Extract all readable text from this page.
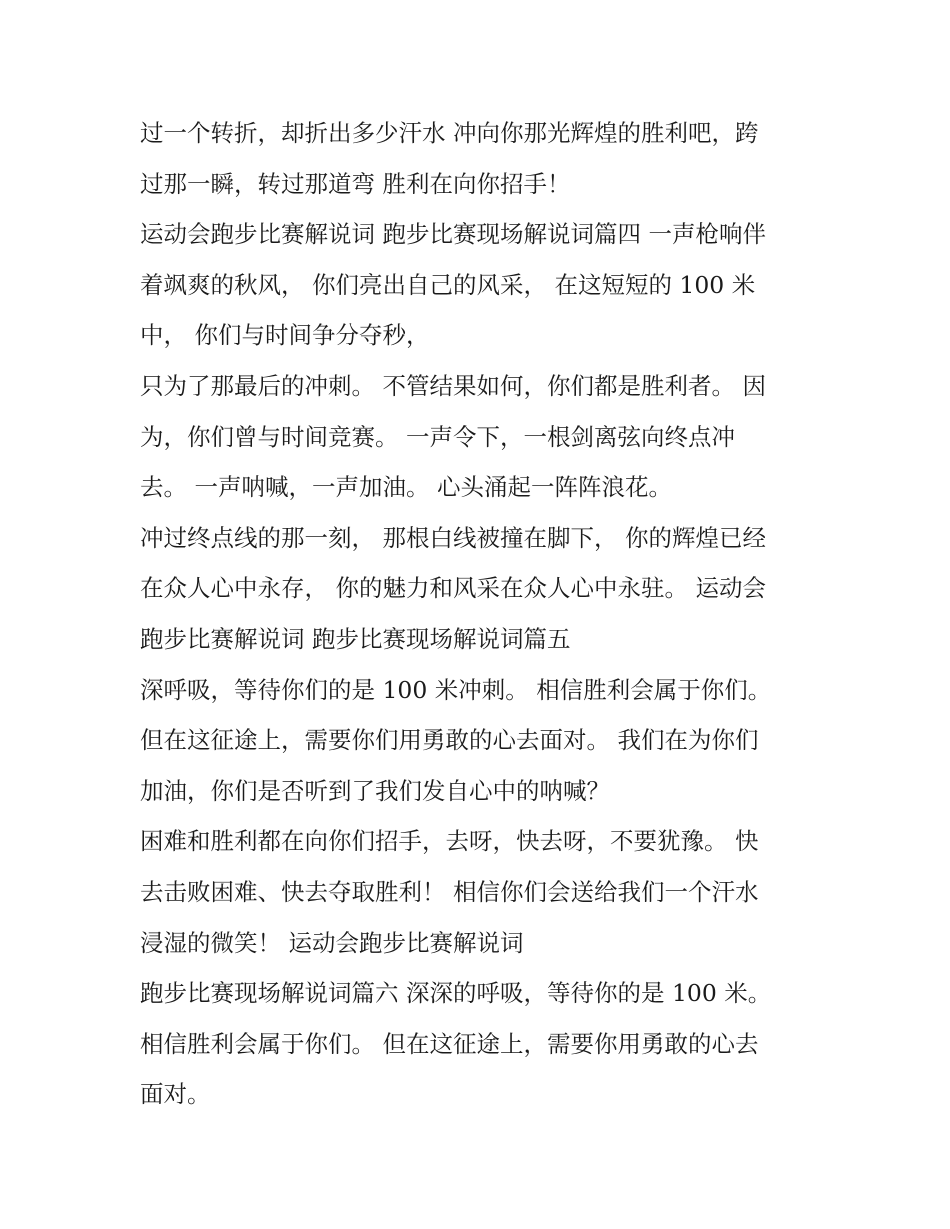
过一个转折，却折出多少汗水 冲向你那光辉煌的胜利吧，跨
过那一瞬，转过那道弯 胜利在向你招手！
运动会跑步比赛解说词 跑步比赛现场解说词篇四 一声枪响伴
着飒爽的秋风， 你们亮出自己的风采， 在这短短的 100 米
中， 你们与时间争分夺秒，
只为了那最后的冲刺。 不管结果如何，你们都是胜利者。 因
为，你们曾与时间竞赛。 一声令下，一根剑离弦向终点冲
去。 一声呐喊，一声加油。 心头涌起一阵阵浪花。
冲过终点线的那一刻， 那根白线被撞在脚下， 你的辉煌已经
在众人心中永存， 你的魅力和风采在众人心中永驻。 运动会
跑步比赛解说词 跑步比赛现场解说词篇五
深呼吸，等待你们的是 100 米冲刺。 相信胜利会属于你们。
但在这征途上，需要你们用勇敢的心去面对。 我们在为你们
加油，你们是否听到了我们发自心中的呐喊？
困难和胜利都在向你们招手，去呀，快去呀，不要犹豫。 快
去击败困难、快去夺取胜利！ 相信你们会送给我们一个汗水
浸湿的微笑！ 运动会跑步比赛解说词
跑步比赛现场解说词篇六 深深的呼吸，等待你的是 100 米。
相信胜利会属于你们。 但在这征途上，需要你用勇敢的心去
面对。
